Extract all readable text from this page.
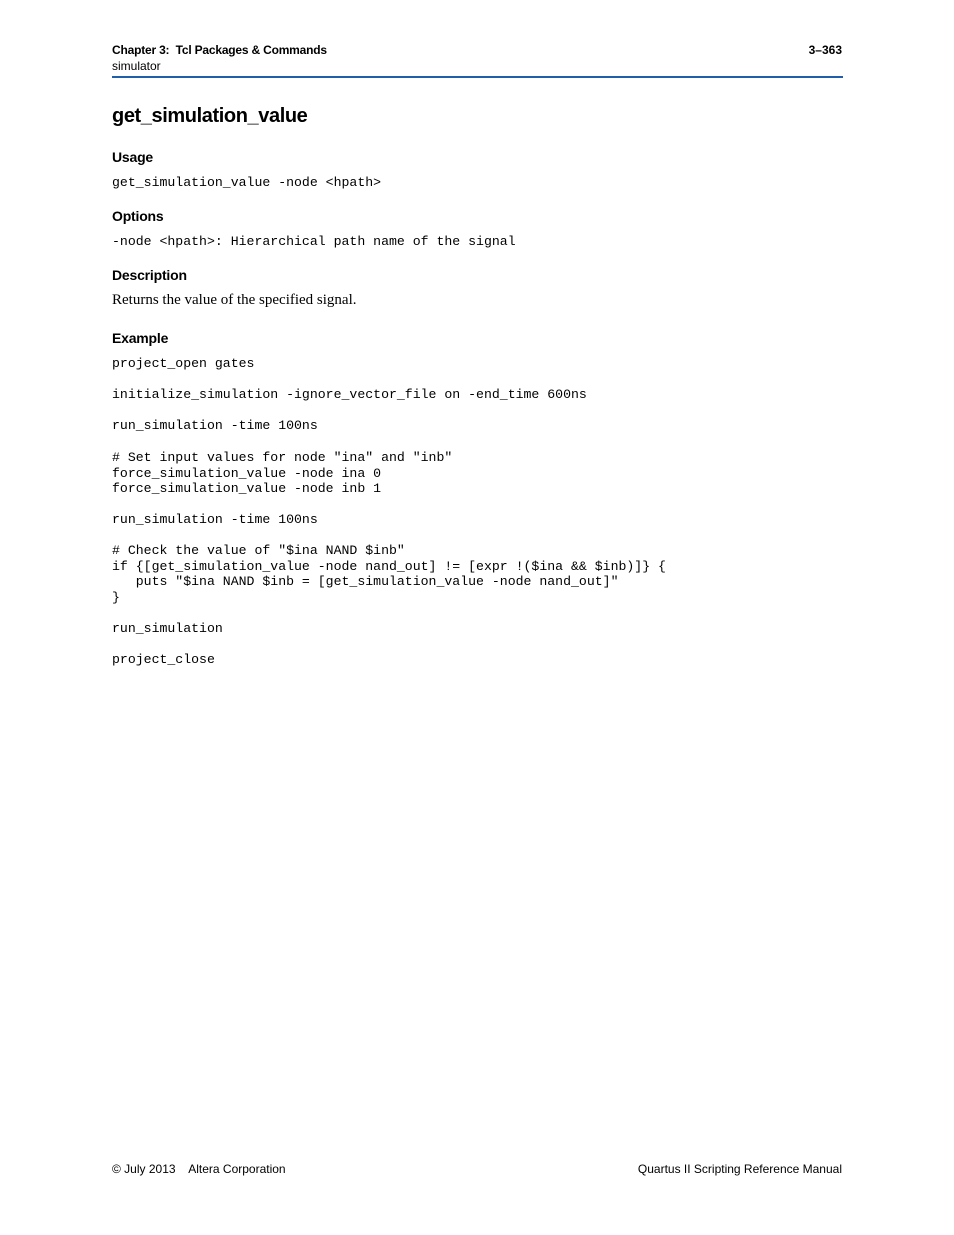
Chapter 3:  Tcl Packages & Commands	3–363
simulator
get_simulation_value
Usage
get_simulation_value -node <hpath>
Options
-node <hpath>: Hierarchical path name of the signal
Description

Returns the value of the specified signal.

Example
project_open gates
initialize_simulation -ignore_vector_file on -end_time 600ns
run_simulation -time 100ns
# Set input values for node "ina" and "inb"
force_simulation_value -node ina 0
force_simulation_value -node inb 1
run_simulation -time 100ns
# Check the value of "$ina NAND $inb"
if {[get_simulation_value -node nand_out] != [expr !($ina && $inb)]} {
puts "$ina NAND $inb = [get_simulation_value -node nand_out]"
}
run_simulation
project_close
© July 2013    Altera Corporation	Quartus II Scripting Reference Manual
